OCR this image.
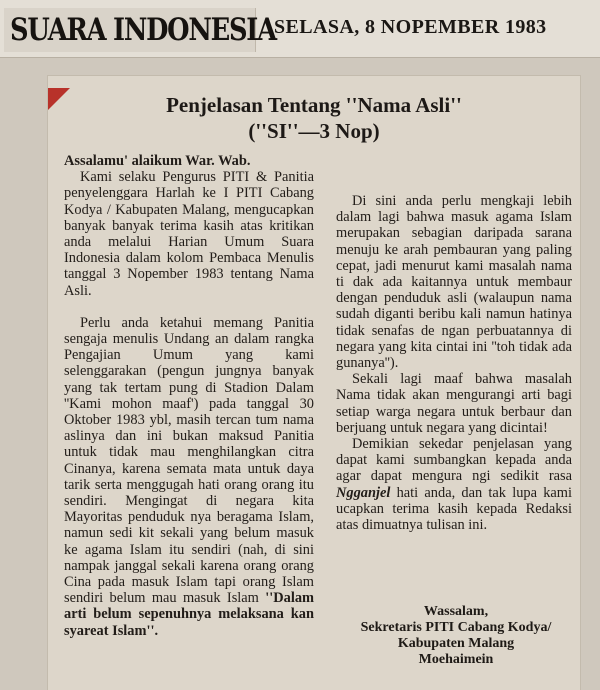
SUARA INDONESIA
SELASA, 8 NOPEMBER 1983
Penjelasan Tentang ''Nama Asli''
(''SI''—3 Nop)

Assalamu' alaikum War. Wab.

Kami selaku Pengurus PITI & Panitia penyelenggara Harlah ke I PITI Cabang Kodya / Kabupaten Malang, mengucapkan banyak banyak terima kasih atas kritikan anda melalui Harian Umum Suara Indonesia dalam kolom Pembaca Menulis tanggal 3 Nopember 1983 tentang Nama Asli.

Perlu anda ketahui memang Panitia sengaja menulis Undang an dalam rangka Pengajian Umum yang kami selenggarakan (pengun jungnya banyak yang tak tertam pung di Stadion Dalam ''Kami mohon maaf') pada tanggal 30 Oktober 1983 ybl, masih tercan tum nama aslinya dan ini bukan maksud Panitia untuk tidak mau menghilangkan citra Cinanya, karena semata mata untuk daya tarik serta menggugah hati orang orang itu sendiri. Mengingat di negara kita Mayoritas penduduk nya beragama Islam, namun sedi kit sekali yang belum masuk ke agama Islam itu sendiri (nah, di sini nampak janggal sekali karena orang orang Cina pada masuk Islam tapi orang Islam sendiri belum mau masuk Islam ''Dalam arti belum sepenuhnya melaksana kan syareat Islam''.

Di sini anda perlu mengkaji lebih dalam lagi bahwa masuk agama Islam merupakan sebagian daripada sarana menuju ke arah pembauran yang paling cepat, jadi menurut kami masalah nama ti dak ada kaitannya untuk membaur dengan penduduk asli (walaupun nama sudah diganti beribu kali namun hatinya tidak senafas de ngan perbuatannya di negara yang kita cintai ini ''toh tidak ada gunanya'').

Sekali lagi maaf bahwa masalah Nama tidak akan mengurangi arti bagi setiap warga negara untuk berbaur dan berjuang untuk negara yang dicintai!

Demikian sekedar penjelasan yang dapat kami sumbangkan kepada anda agar dapat mengura ngi sedikit rasa Ngganjel hati anda, dan tak lupa kami ucapkan terima kasih kepada Redaksi atas dimuatnya tulisan ini.

Wassalam,
Sekretaris PITI Cabang Kodya/
Kabupaten Malang
Moehaimein
